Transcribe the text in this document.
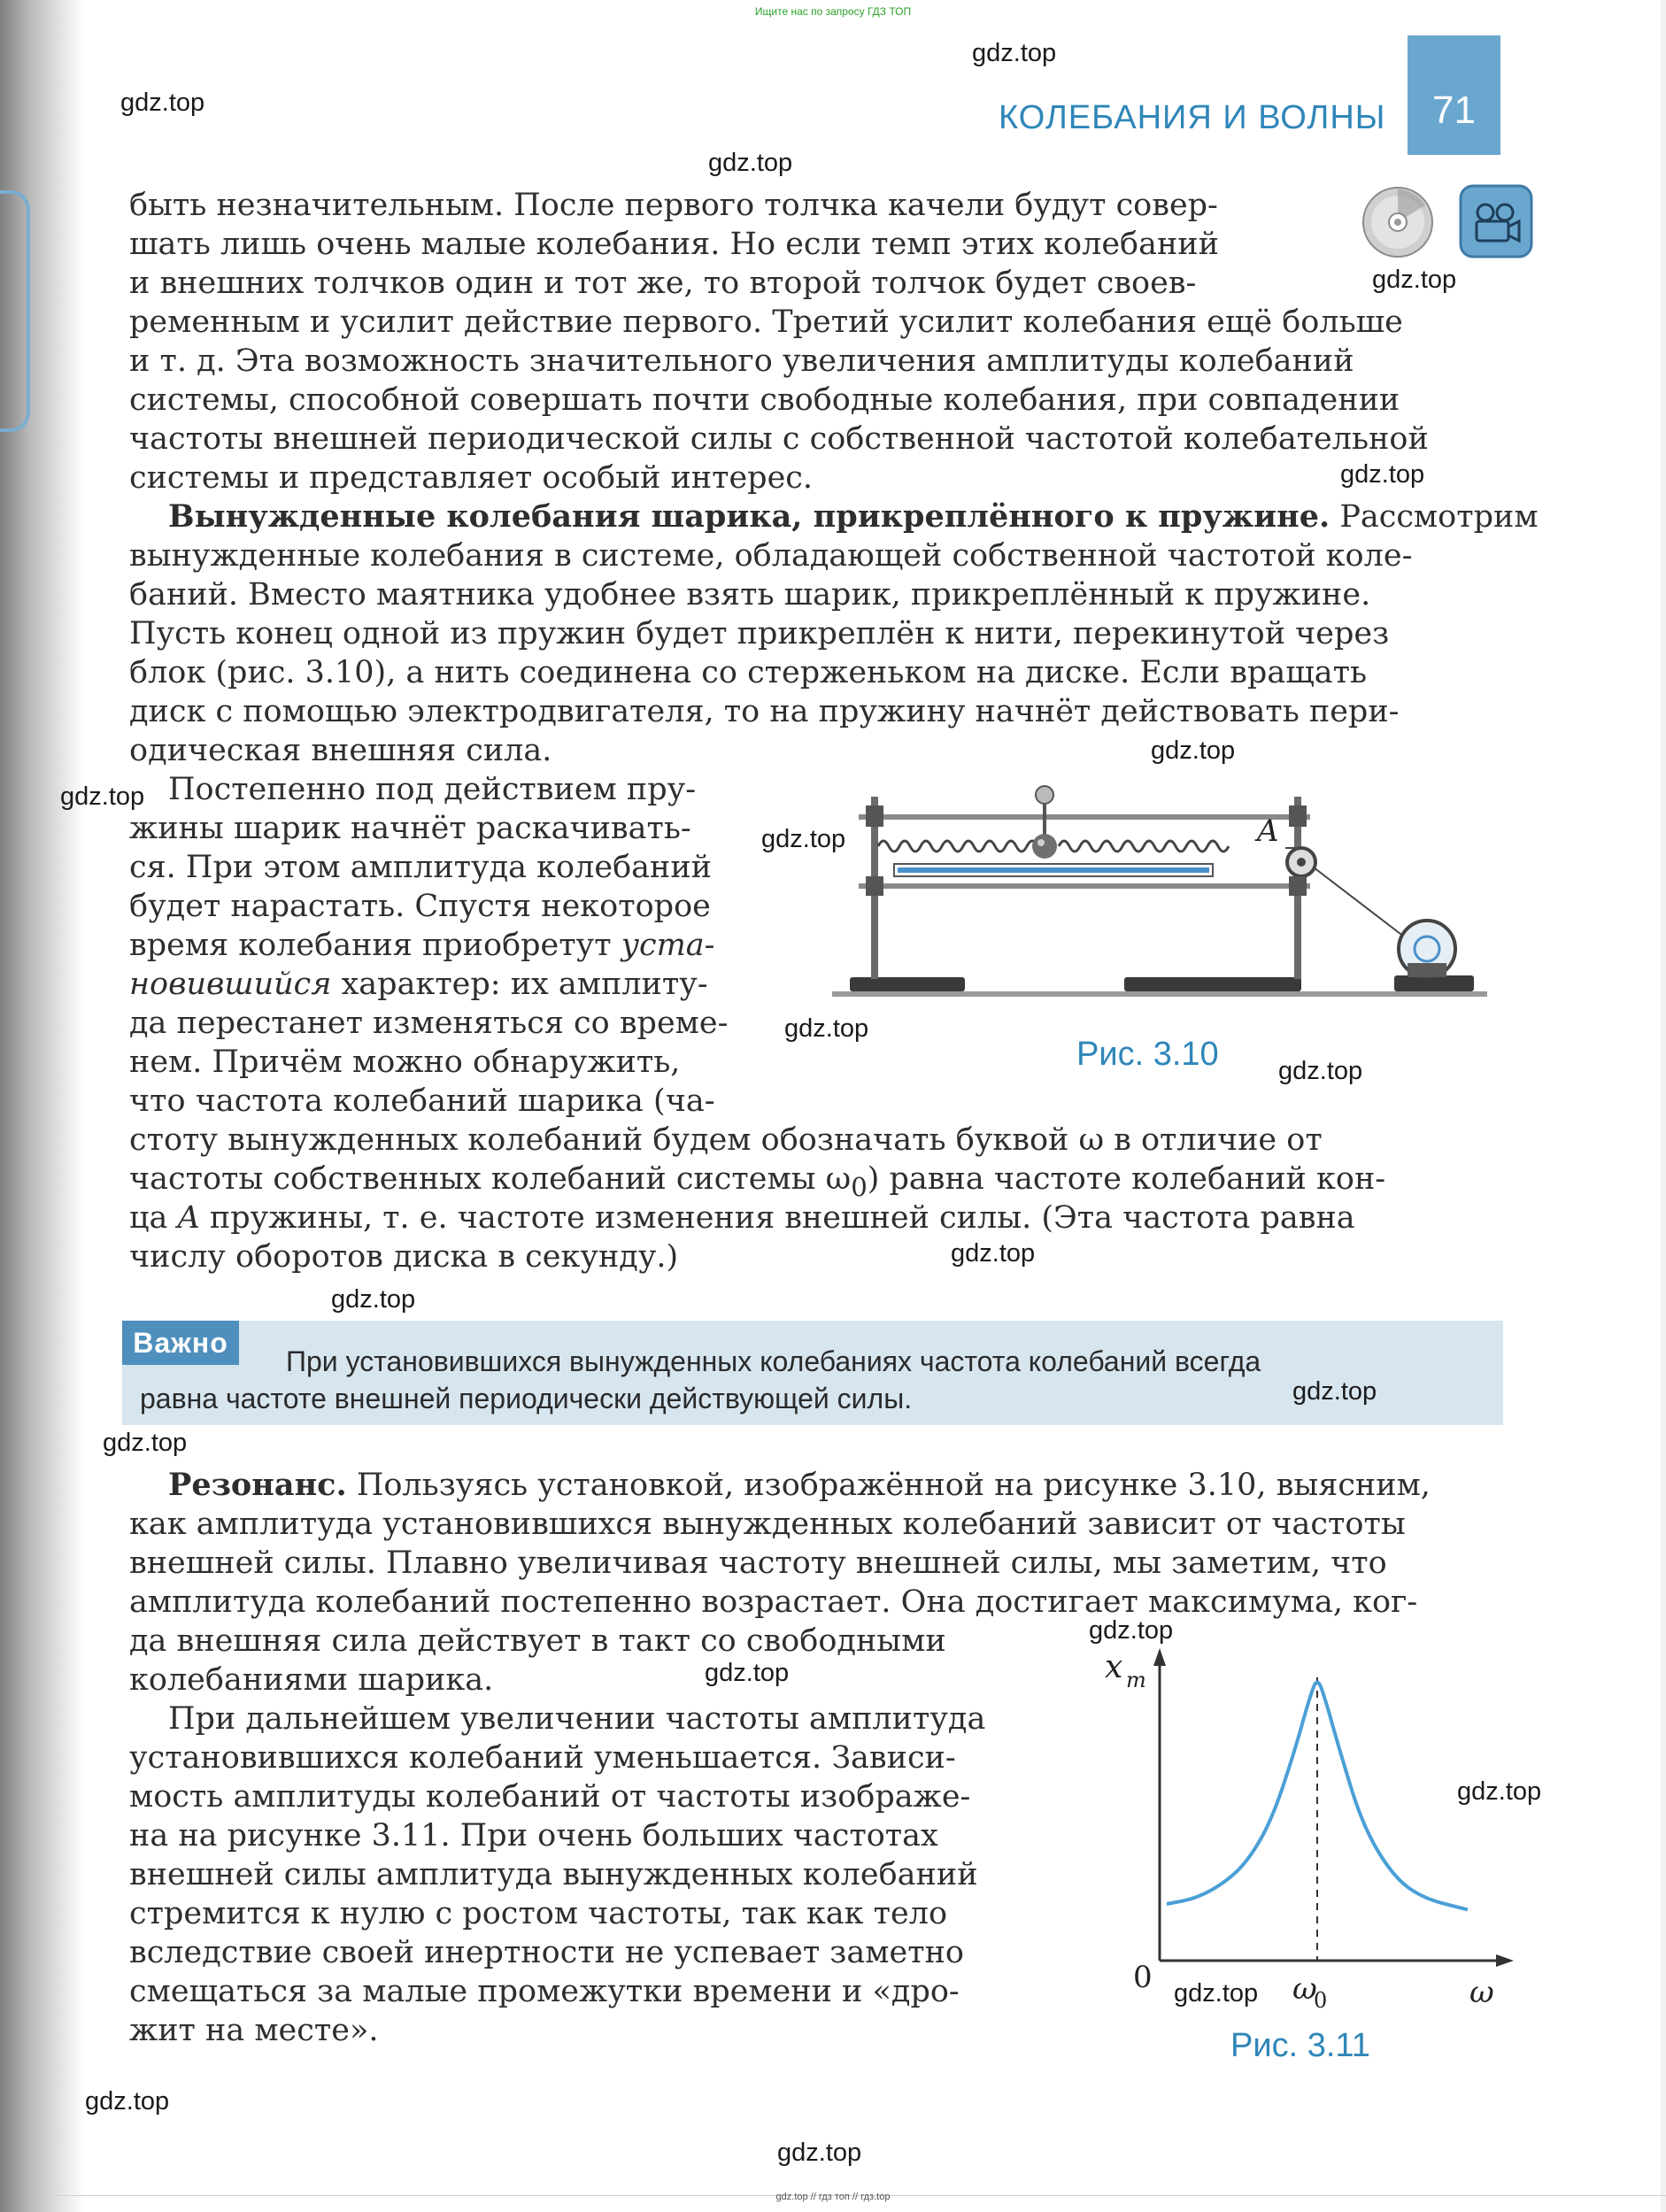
Ищите нас по запросу ГДЗ ТОП
КОЛЕБАНИЯ И ВОЛНЫ	71
быть незначительным. После первого толчка качели будут совер-
шать лишь очень малые колебания. Но если темп этих колебаний
и внешних толчков один и тот же, то второй толчок будет своев-
ременным и усилит действие первого. Третий усилит колебания ещё больше
и т. д. Эта возможность значительного увеличения амплитуды колебаний
системы, способной совершать почти свободные колебания, при совпадении
частоты внешней периодической силы с собственной частотой колебательной
системы и представляет особый интерес.
Вынужденные колебания шарика, прикреплённого к пружине. Рассмотрим
вынужденные колебания в системе, обладающей собственной частотой коле-
баний. Вместо маятника удобнее взять шарик, прикреплённый к пружине.
Пусть конец одной из пружин будет прикреплён к нити, перекинутой через
блок (рис. 3.10), а нить соединена со стерженьком на диске. Если вращать
диск с помощью электродвигателя, то на пружину начнёт действовать пери-
одическая внешняя сила.
Постепенно под действием пру-
жины шарик начнёт раскачивать-
ся. При этом амплитуда колебаний
будет нарастать. Спустя некоторое
время колебания приобретут уста-
новившийся характер: их амплиту-
да перестанет изменяться со време-
нем. Причём можно обнаружить,
что частота колебаний шарика (ча-
стоту вынужденных колебаний будем обозначать буквой ω в отличие от
частоты собственных колебаний системы $\omega_0$) равна частоте колебаний кон-
ца A пружины, т. е. частоте изменения внешней силы. (Эта частота равна
числу оборотов диска в секунду.)
A
Рис. 3.10
Важно
При установившихся вынужденных колебаниях частота колебаний всегда
равна частоте внешней периодически действующей силы.
Резонанс. Пользуясь установкой, изображённой на рисунке 3.10, выясним,
как амплитуда установившихся вынужденных колебаний зависит от частоты
внешней силы. Плавно увеличивая частоту внешней силы, мы заметим, что
амплитуда колебаний постепенно возрастает. Она достигает максимума, ког-
да внешняя сила действует в такт со свободными
колебаниями шарика.
При дальнейшем увеличении частоты амплитуда
установившихся колебаний уменьшается. Зависи-
мость амплитуды колебаний от частоты изображе-
на на рисунке 3.11. При очень больших частотах
внешней силы амплитуда вынужденных колебаний
стремится к нулю с ростом частоты, так как тело
вследствие своей инертности не успевает заметно
смещаться за малые промежутки времени и «дро-
жит на месте».
x m
0	ω
ω
0
Рис. 3.11
gdz.top
gdz.top
gdz.top
gdz.top
gdz.top
gdz.top
gdz.top
gdz.top
gdz.top
gdz.top
gdz.top
gdz.top
gdz.top
gdz.top
gdz.top
gdz.top
gdz.top
gdz.top
gdz.top
gdz.top
gdz.top // гдз топ // гдз.top
